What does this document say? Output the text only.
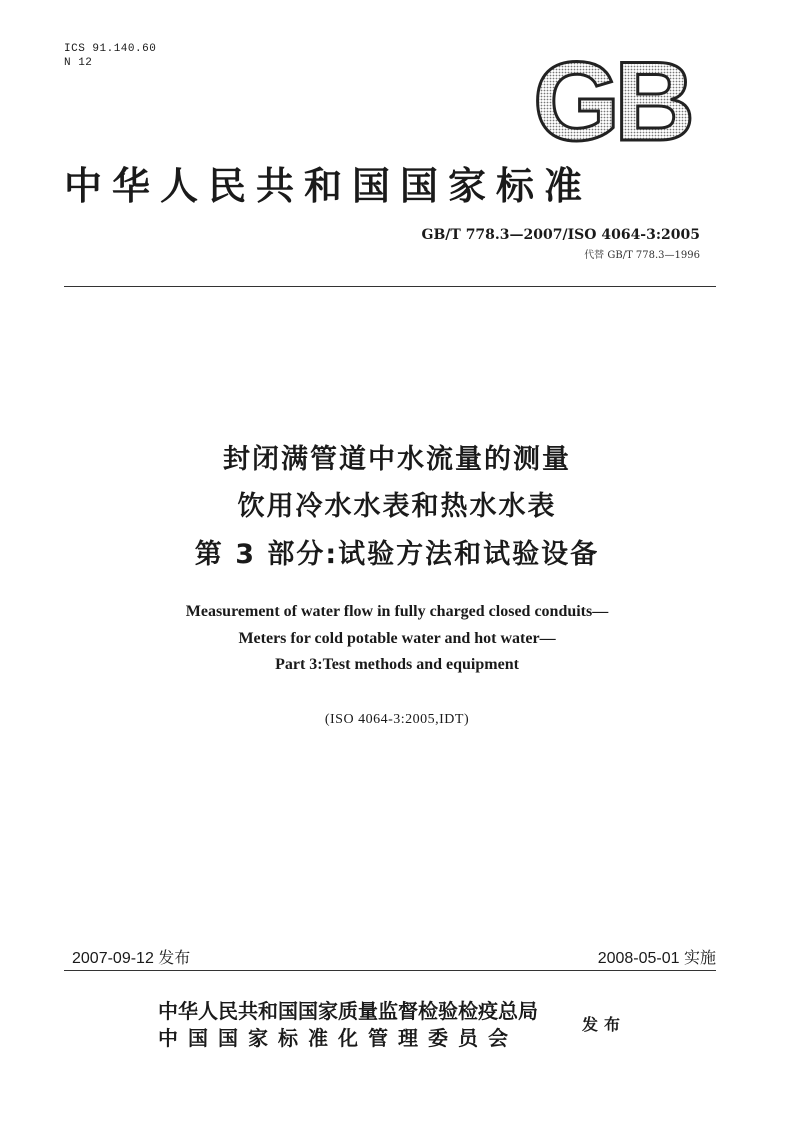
ICS 91.140.60
N 12	GB
中华人民共和国国家标准
GB/T 778.3—2007/ISO 4064-3:2005
代替 GB/T 778.3—1996
封闭满管道中水流量的测量
饮用冷水水表和热水水表
第 3 部分:试验方法和试验设备
Measurement of water flow in fully charged closed conduits—
Meters for cold potable water and hot water—
Part 3:Test methods and equipment
(ISO 4064-3:2005,IDT)
2007-09-12 发布	2008-05-01 实施
中华人民共和国国家质量监督检验检疫总局
中国国家标准化管理委员会
发布
